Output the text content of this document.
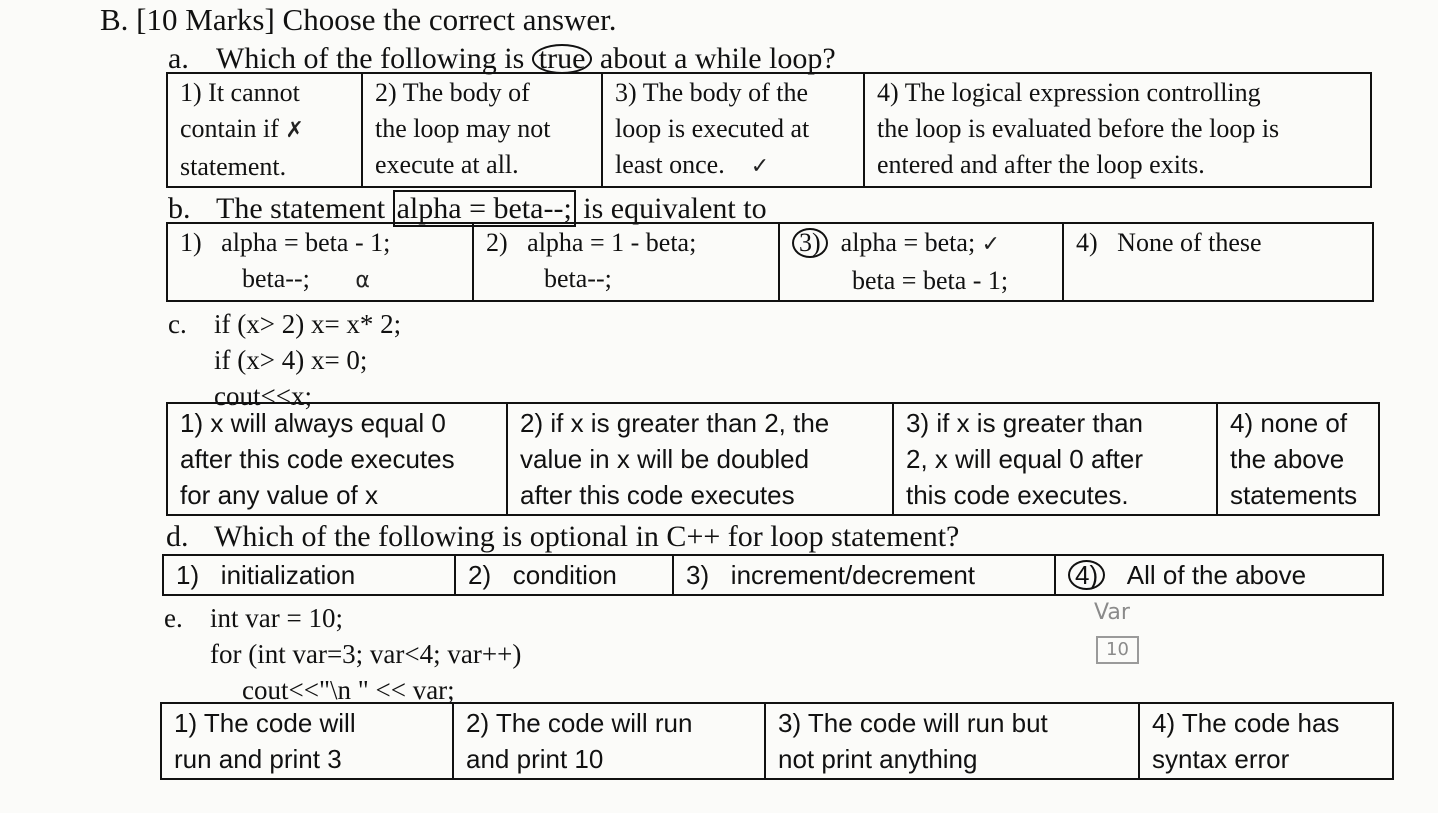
B. [10 Marks] Choose the correct answer.
a. Which of the following is true about a while loop?
1) It cannot
contain if ✗
statement.

2) The body of
the loop may not
execute at all.

3) The body of the
loop is executed at
least once. ✓

4) The logical expression controlling
the loop is evaluated before the loop is
entered and after the loop exits.
b. The statement alpha = beta--; is equivalent to
1) alpha = beta - 1;
beta--; α

2) alpha = 1 - beta;
beta--;

3) alpha = beta; ✓
beta = beta - 1;

4) None of these
c. if (x> 2) x= x* 2;
if (x> 4) x= 0;
cout<<x;
1) x will always equal 0
after this code executes
for any value of x

2) if x is greater than 2, the
value in x will be doubled
after this code executes

3) if x is greater than
2, x will equal 0 after
this code executes.

4) none of
the above
statements
d. Which of the following is optional in C++ for loop statement?
1) initialization	2) condition	3) increment/decrement	4) All of the above
e. int var = 10;
for (int var=3; var<4; var++)
cout<<"\n " << var;
Var
10
1) The code will
run and print 3

2) The code will run
and print 10

3) The code will run but
not print anything

4) The code has
syntax error
